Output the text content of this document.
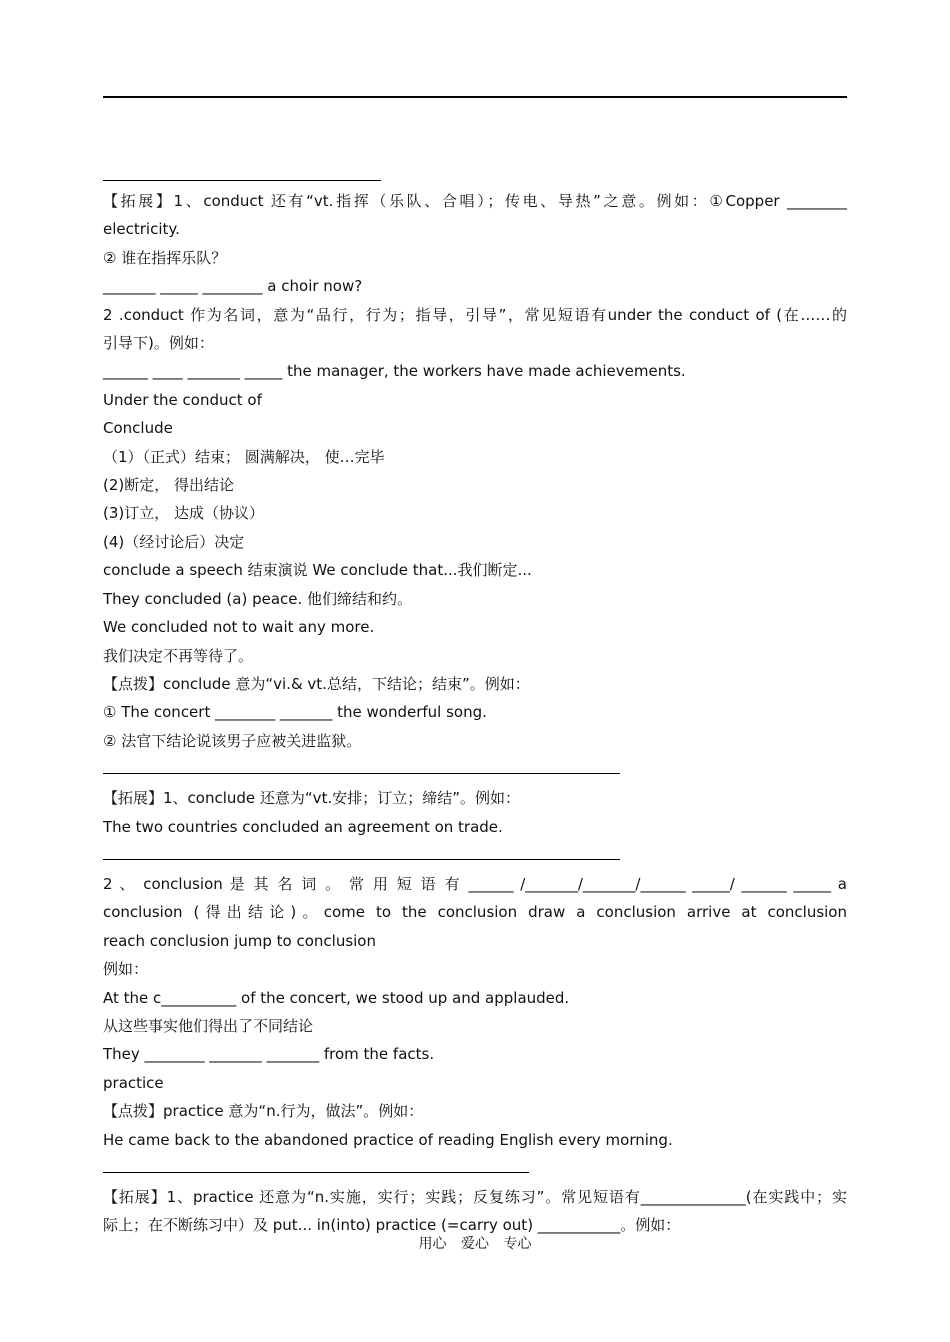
【拓展】1、conduct 还有“vt.指挥（乐队、合唱）；传电、导热”之意。例如：①Copper ________
electricity.
② 谁在指挥乐队？
_______ _____ ________ a choir now?
2 .conduct 作为名词，意为“品行，行为；指导，引导”，常见短语有under the conduct of (在……的
引导下)。例如：
______ ____ _______ _____ the manager, the workers have made achievements.
Under the conduct of
Conclude
（1）（正式）结束； 圆满解决， 使…完毕
(2)断定， 得出结论
(3)订立， 达成（协议）
(4)（经讨论后）决定
conclude a speech 结束演说 We conclude that...我们断定...
They concluded (a) peace. 他们缔结和约。
We concluded not to wait any more.
我们决定不再等待了。
【点拨】conclude 意为“vi.& vt.总结，下结论；结束”。例如：
① The concert ________ _______ the wonderful song.
② 法官下结论说该男子应被关进监狱。
【拓展】1、conclude 还意为“vt.安排；订立；缔结”。例如：
The two countries concluded an agreement on trade.
2 、 conclusion 是 其 名 词 。 常 用 短 语 有 ______ /_______/_______/______ _____/ ______ _____ a
conclusion (得出结论)。come to the conclusion draw a conclusion arrive at conclusion
reach conclusion jump to conclusion
例如：
At the c__________ of the concert, we stood up and applauded.
从这些事实他们得出了不同结论
They ________ _______ _______ from the facts.
practice
【点拨】practice 意为“n.行为，做法”。例如：
He came back to the abandoned practice of reading English every morning.
【拓展】1、practice 还意为“n.实施，实行；实践；反复练习”。常见短语有______________(在实践中；实
际上；在不断练习中）及 put... in(into) practice (=carry out) ___________。例如：
用心 爱心 专心
